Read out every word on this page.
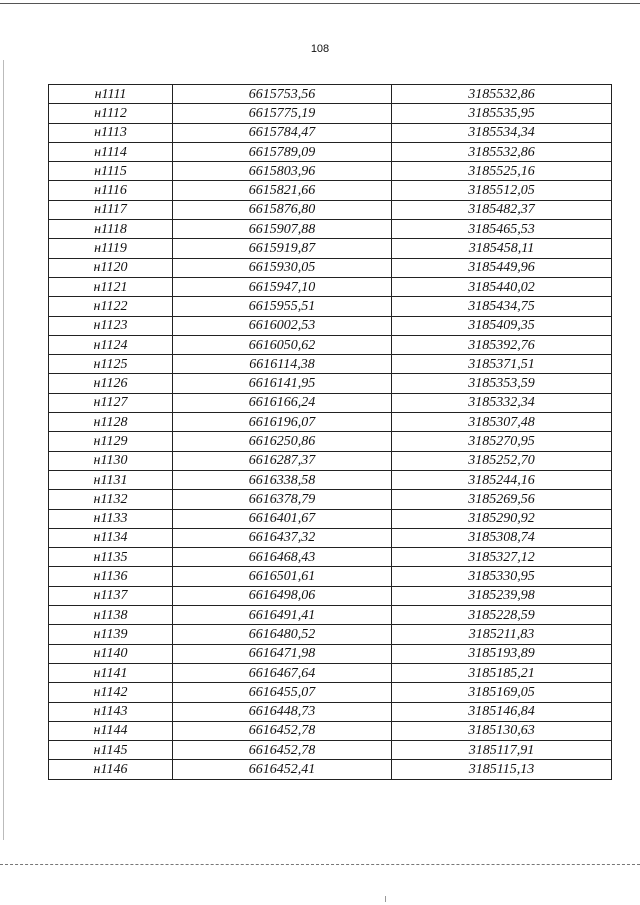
108
н1111	6615753,56	3185532,86
н1112	6615775,19	3185535,95
н1113	6615784,47	3185534,34
н1114	6615789,09	3185532,86
н1115	6615803,96	3185525,16
н1116	6615821,66	3185512,05
н1117	6615876,80	3185482,37
н1118	6615907,88	3185465,53
н1119	6615919,87	3185458,11
н1120	6615930,05	3185449,96
н1121	6615947,10	3185440,02
н1122	6615955,51	3185434,75
н1123	6616002,53	3185409,35
н1124	6616050,62	3185392,76
н1125	6616114,38	3185371,51
н1126	6616141,95	3185353,59
н1127	6616166,24	3185332,34
н1128	6616196,07	3185307,48
н1129	6616250,86	3185270,95
н1130	6616287,37	3185252,70
н1131	6616338,58	3185244,16
н1132	6616378,79	3185269,56
н1133	6616401,67	3185290,92
н1134	6616437,32	3185308,74
н1135	6616468,43	3185327,12
н1136	6616501,61	3185330,95
н1137	6616498,06	3185239,98
н1138	6616491,41	3185228,59
н1139	6616480,52	3185211,83
н1140	6616471,98	3185193,89
н1141	6616467,64	3185185,21
н1142	6616455,07	3185169,05
н1143	6616448,73	3185146,84
н1144	6616452,78	3185130,63
н1145	6616452,78	3185117,91
н1146	6616452,41	3185115,13
